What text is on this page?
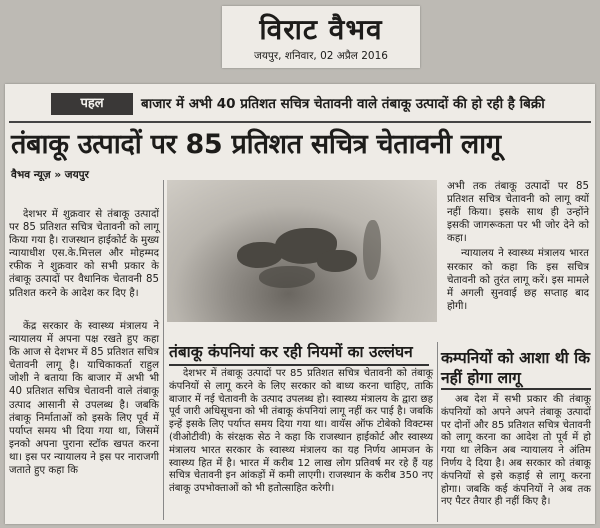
विराट वैभव
जयपुर, शनिवार, 02 अप्रैल 2016
पहल	बाजार में अभी 40 प्रतिशत सचित्र चेतावनी वाले तंबाकू उत्पादों की हो रही है बिक्री
तंबाकू उत्पादों पर 85 प्रतिशत सचित्र चेतावनी लागू
वैभव न्यूज़ » जयपुर

देशभर में शुक्रवार से तंबाकू उत्पादों पर 85 प्रतिशत सचित्र चेतावनी को लागू किया गया है। राजस्थान हाईकोर्ट के मुख्य न्यायाधीश एस.के.मित्तल और मोहम्मद रफीक ने शुक्रवार को सभी प्रकार के तंबाकू उत्पादों पर वैधानिक चेतावनी 85 प्रतिशत करने के आदेश कर दिए है।

केंद्र सरकार के स्वास्थ्य मंत्रालय ने न्यायालय में अपना पक्ष रखते हुए कहा कि आज से देशभर में 85 प्रतिशत सचित्र चेतावनी लागू है। याचिकाकर्ता राहुल जोशी ने बताया कि बाजार में अभी भी 40 प्रतिशत सचित्र चेतावनी वाले तंबाकू उत्पाद आसानी से उपलब्ध है। जबकि तंबाकू निर्माताओं को इसके लिए पूर्व में पर्याप्त समय भी दिया गया था, जिसमें इनको अपना पुराना स्टॉक खपत करना था। इस पर न्यायालय ने इस पर नाराजगी जताते हुए कहा कि

अभी तक तंबाकू उत्पादों पर 85 प्रतिशत सचित्र चेतावनी को लागू क्यों नहीं किया। इसके साथ ही उन्होंने इसकी जागरूकता पर भी जोर देने को कहा।

न्यायालय ने स्वास्थ्य मंत्रालय भारत सरकार को कहा कि इस सचित्र चेतावनी को तुरंत लागू करें। इस मामले में अगली सुनवाई छह सप्ताह बाद होगी।

तंबाकू कंपनियां कर रही नियमों का उल्लंघन

देशभर में तंबाकू उत्पादों पर 85 प्रतिशत सचित्र चेतावनी को तंबाकू कंपनियों से लागू करने के लिए सरकार को बाध्य करना चाहिए, ताकि बाजार में नई चेतावनी के उत्पाद उपलब्ध हो। स्वास्थ्य मंत्रालय के द्वारा छह पूर्व जारी अधिसूचना को भी तंबाकू कंपनियां लागू नहीं कर पाई है। जबकि इन्हें इसके लिए पर्याप्त समय दिया गया था। वायॅस ऑफ टोबेको विक्टम्स (वीओटीवी) के संरक्षक सेठ ने कहा कि राजस्थान हाईकोर्ट और स्वास्थ्य मंत्रालय भारत सरकार के स्वास्थ्य मंत्रालय का यह निर्णय आमजन के स्वास्थ्य हित में है। भारत में करीब 12 लाख लोग प्रतिवर्ष मर रहे हैं यह सचित्र चेतावनी इन आंकड़ों में कमी लाएगी। राजस्थान के करीब 350 नए तंबाकू उपभोक्ताओं को भी हतोत्साहित करेगी।

कम्पनियों को आशा थी कि नहीं होगा लागू

अब देश में सभी प्रकार की तंबाकू कंपनियों को अपने अपने तंबाकू उत्पादों पर दोनों और 85 प्रतिशत सचित्र चेतावनी को लागू करना का आदेश तो पूर्व में हो गया था लेकिन अब न्यायालय ने अंतिम निर्णय दे दिया है। अब सरकार को तंबाकू कंपनियों से इसे कड़ाई से लागू करना होगा। जबकि कई कंपनियों ने अब तक नए पैटर तैयार ही नहीं किए है।
